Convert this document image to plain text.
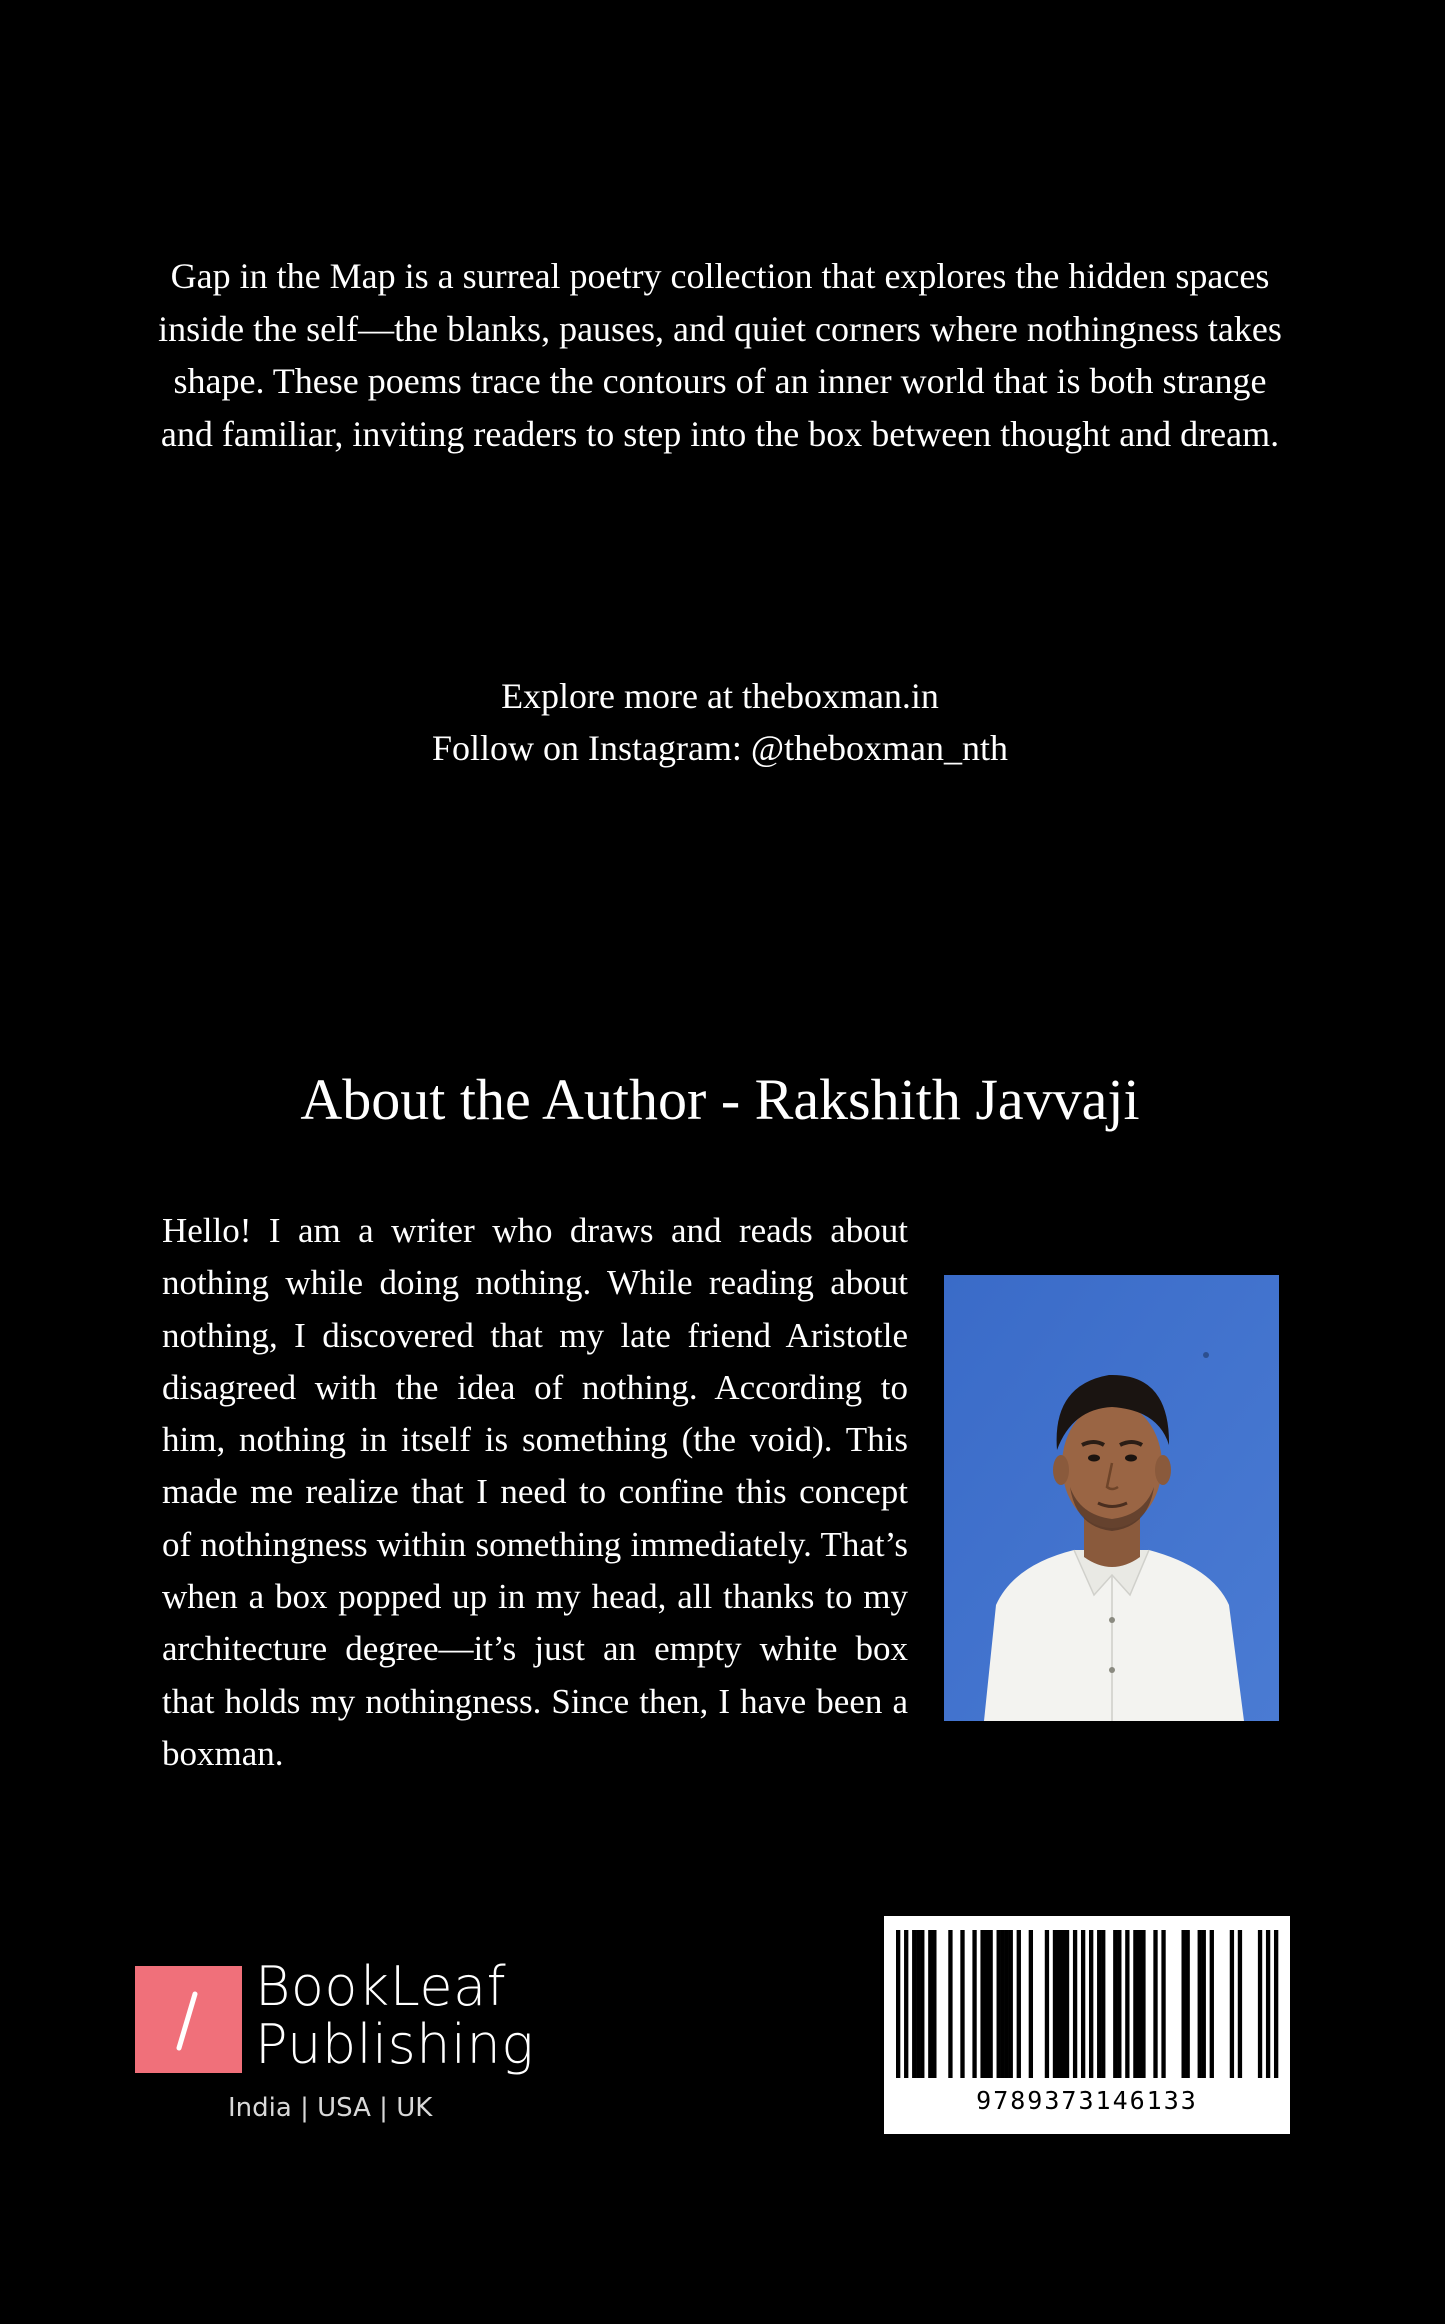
Gap in the Map is a surreal poetry collection that explores the hidden spaces inside the self—the blanks, pauses, and quiet corners where nothingness takes shape. These poems trace the contours of an inner world that is both strange and familiar, inviting readers to step into the box between thought and dream.

Explore more at theboxman.in
Follow on Instagram: @theboxman_nth
About the Author - Rakshith Javvaji

Hello! I am a writer who draws and reads about nothing while doing nothing. While reading about nothing, I discovered that my late friend Aristotle disagreed with the idea of nothing. According to him, nothing in itself is something (the void). This made me realize that I need to confine this concept of nothingness within something immediately. That’s when a box popped up in my head, all thanks to my architecture degree—it’s just an empty white box that holds my nothingness. Since then, I have been a boxman.

BookLeaf
Publishing
India | USA | UK	9789373146133
